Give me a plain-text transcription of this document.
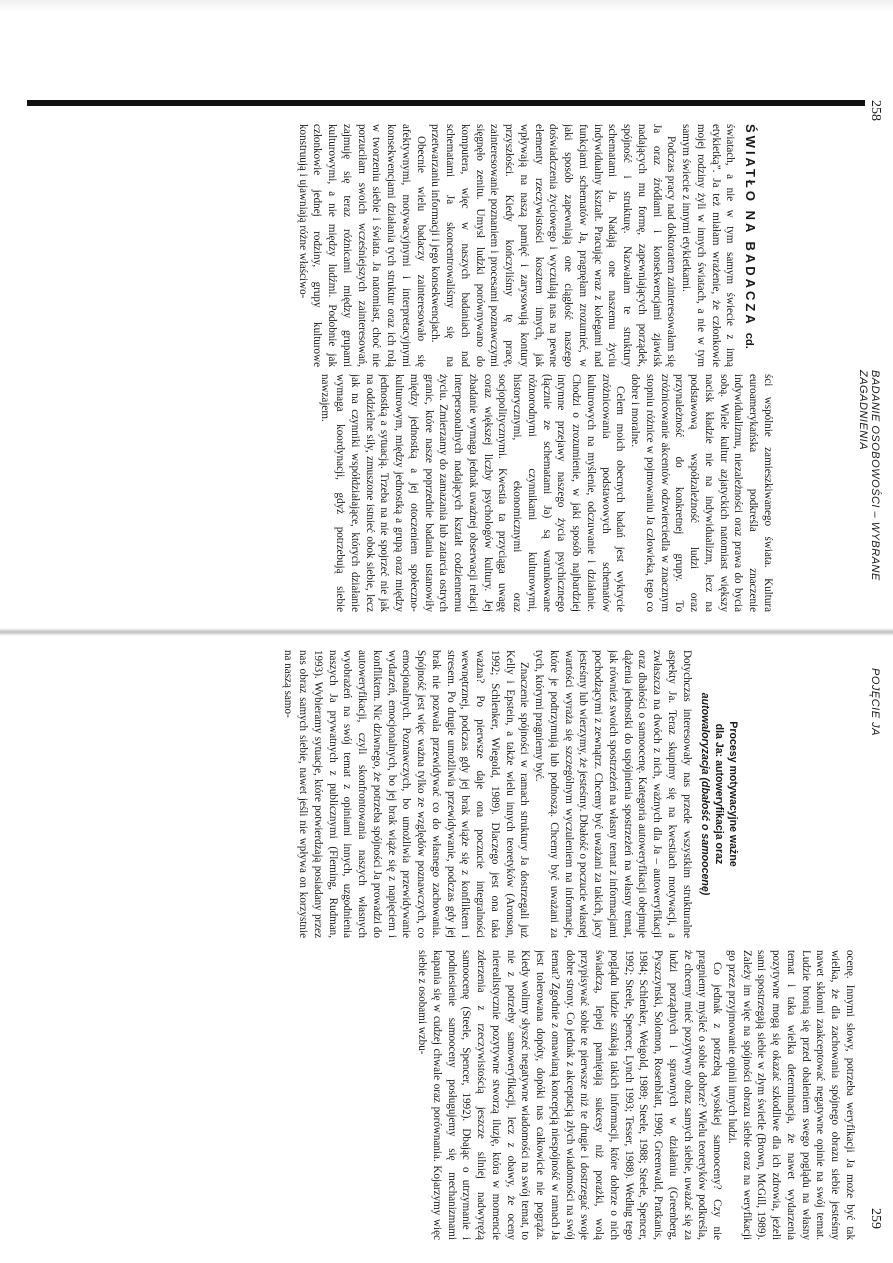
258
BADANIE OSOBOWOŚCI – WYBRANE ZAGADNIENIA
ŚWIATŁO NA BADACZA cd.

światach, a nie w tym samym świecie z inną etykietką”. Ja też miałam wrażenie, że członkowie mojej rodziny żyli w innych światach, a nie w tym samym świecie z innymi etykietkami.

Podczas pracy nad doktoratem zainteresowałam się Ja oraz źródłami i konsekwencjami zjawisk nadających mu formę, zapewniających porządek, spójność i strukturę. Nazwałam te struktury schematami Ja. Nadają one naszemu życiu indywidualny kształt. Pracując wraz z kolegami nad funkcjami schematów Ja, pragnęłam zrozumieć, w jaki sposób zapewniają one ciągłość naszego doświadczenia życiowego i wyczulają nas na pewne elementy rzeczywistości kosztem innych, jak wpływają na naszą pamięć i zarysowują kontury przyszłości. Kiedy kończyliśmy tę pracę, zainteresowanie poznaniem i procesami poznawczymi sięgnęło zenitu. Umysł ludzki porównywano do komputera, więc w naszych badaniach nad schematami Ja skoncentrowaliśmy się na przetwarzaniu informacji i jego konsekwencjach.

Obecnie wielu badaczy zainteresowało się afektywnymi, motywacyjnymi i interpretacyjnymi konsekwencjami działania tych struktur oraz ich rolą w tworzeniu siebie i świata. Ja natomiast, choć nie porzuciłam swoich wcześniejszych zainteresowań, zajmuję się teraz różnicami między grupami kulturowymi, a nie między ludźmi. Podobnie jak członkowie jednej rodziny, grupy kulturowe konstruują i ujawniają różne właściwo-

ści wspólnie zamieszkiwanego świata. Kultura euroamerykańska podkreśla znaczenie indywidualizmu, niezależności oraz prawa do bycia sobą. Wiele kultur azjatyckich natomiast większy nacisk kładzie nie na indywidualizm, lecz na podstawową współzależność ludzi oraz przynależność do konkretnej grupy. To zróżnicowanie akcentów odzwierciedla w znacznym stopniu różnice w pojmowaniu Ja człowieka, tego co dobre i moralne.

Celem moich obecnych badań jest wykrycie zróżnicowania podstawowych schematów kulturowych na myślenie, odczuwanie i działanie. Chodzi o zrozumienie, w jaki sposób najbardziej intymne przejawy naszego życia psychicznego (łącznie ze schematami Ja) są warunkowane różnorodnymi czynnikami kulturowymi, historycznymi, ekonomicznymi oraz socjopolitycznymi. Kwestia ta przyciąga uwagę coraz większej liczby psychologów kultury. Jej zbadanie wymaga jednak uważnej obserwacji relacji interpersonalnych nadających kształt codziennemu życiu. Zmierzamy do zamazania lub zatarcia ostrych granic, które nasze poprzednie badania ustanowiły między jednostką a jej otoczeniem społeczno-kulturowym, między jednostką a grupą oraz między jednostką a sytuacją. Trzeba na nie spojrzeć nie jak na oddzielne siły, zmuszone istnieć obok siebie, lecz jak na czynniki współdziałające, których działanie wymaga koordynacji, gdyż potrzebują siebie nawzajem.

259
POJĘCIE JA
Procesy motywacyjne ważne
dla Ja: autoweryfikacja oraz
autowaloryzacja (dbałość o samoocenę)

Dotychczas interesowały nas przede wszystkim strukturalne aspekty Ja. Teraz skupimy się na kwestiach motywacji, a zwłaszcza na dwóch z nich, ważnych dla Ja – autoweryfikacji oraz dbałości o samoocenę. Kategoria autoweryfikacji obejmuje dążenia jednostki do uspójnienia spostrzeżeń na własny temat, jak również swoich spostrzeżeń na własny temat z informacjami pochodzącymi z zewnątrz. Chcemy być uważani za takich, jacy jesteśmy lub wierzymy, że jesteśmy. Dbałość o poczucie własnej wartości wyraża się szczególnym wyczuleniem na informacje, które je podtrzymują lub podnoszą. Chcemy być uważani za tych, którymi pragniemy być.

Znaczenie spójności w ramach struktury Ja dostrzegali już Kelly i Epstein, a także wielu innych teoretyków (Aronson, 1992; Schlenker, Wiegold, 1989). Dlaczego jest ona taka ważna? Po pierwsze daje ona poczucie integralności wewnętrznej, podczas gdy jej brak wiąże się z konfliktem i stresem. Po drugie umożliwia przewidywanie, podczas gdy jej brak nie pozwala przewidywać co do własnego zachowania. Spójność jest więc ważna tylko ze względów poznawczych, co emocjonalnych. Poznawczych, bo umożliwia przewidywanie wydarzeń, emocjonalnych, bo jej brak wiąże się z napięciem i konfliktem. Nic dziwnego, że potrzeba spójności Ja prowadzi do autoweryfikacji, czyli skonfrontowania naszych własnych wyobrażeń na swój temat z opiniami innych, uzgodnienia naszych Ja prywatnych z publicznymi (Fleming, Rudman, 1993). Wybieramy sytuacje, które potwierdzają posiadany przez nas obraz samych siebie, nawet jeśli nie wpływa on korzystnie na naszą samo-

ocenę. Innymi słowy, potrzeba weryfikacji Ja może być tak wielka, że dla zachowania spójnego obrazu siebie jesteśmy nawet skłonni zaakceptować negatywne opinie na swój temat. Ludzie bronią się przed obaleniem swego poglądu na własny temat i taka wielka determinacja, że nawet wydarzenia pozytywne mogą się okazać szkodliwe dla ich zdrowia, jeżeli sami spostrzegają siebie w złym świetle (Brown, McGill, 1989). Zależy im więc na spójności obrazu siebie oraz na weryfikacji go przez przyjmowanie opinii innych ludzi.

Co jednak z potrzebą wysokiej samooceny? Czy nie pragniemy myśleć o sobie dobrze? Wielu teoretyków podkreśla, że chcemy mieć pozytywny obraz samych siebie, uważać się za ludzi porządnych i sprawnych w działaniu (Greenberg, Pyszczynski, Solomon, Rosenblatt, 1990; Greenwald, Pratkanis, 1984; Schlenker, Weigold, 1989; Steele, 1988; Steele, Spencer, 1992; Steele, Spencer, Lynch 1993; Tesser, 1988). Według tego poglądu ludzie szukają takich informacji, które dobrze o nich świadczą, lepiej pamiętają sukcesy niż porażki, wolą przypisywać sobie te pierwsze niż te drugie i dostrzegać swoje dobre strony. Co jednak z akceptacją złych wiadomości na swój temat? Zgodnie z omawianą koncepcją niespójność w ramach Ja jest tolerowana dopóty, dopóki nas całkowicie nie pogrąża. Kiedy wolimy słyszeć negatywne wiadomości na swój temat, to nie z potrzeby samoweryfikacji, lecz z obawy, że oceny nierealistycznie pozytywne stworzą iluzję, która w momencie zderzenia z rzeczywistością jeszcze silniej nadwyrężą samoocenę (Steele, Spencer, 1992). Dbając o utrzymanie i podniesienie samooceny posługujemy się mechanizmami kapania się w cudzej chwale oraz porównania. Kojarzymy więc siebie z osobami wzbu-
